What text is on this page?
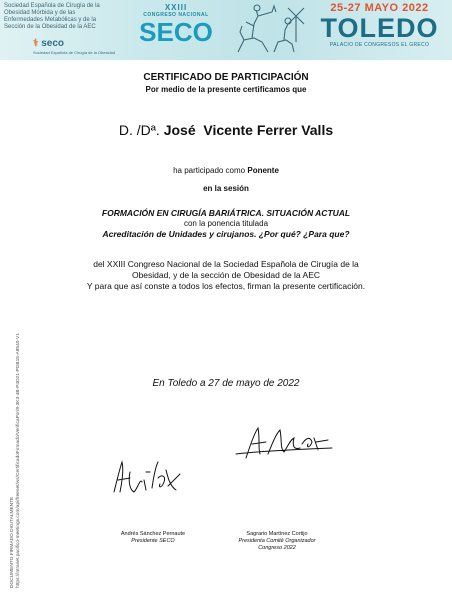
Sociedad Española de Cirugía de la Obesidad Mórbida y de las Enfermedades Metabólicas y de la Sección de la Obesidad de la AEC
⚕ seco
Sociedad Española de Cirugía de la Obesidad
XXIII
CONGRESO NACIONAL
SECO
25-27 MAYO 2022
TOLEDO
PALACIO DE CONGRESOS EL GRECO
CERTIFICADO DE PARTICIPACIÓN
Por medio de la presente certificamos que
D. /Dª. José  Vicente Ferrer Valls
ha participado como Ponente
en la sesión
FORMACIÓN EN CIRUGÍA BARIÁTRICA. SITUACIÓN ACTUAL
con la ponencia titulada
Acreditación de Unidades y cirujanos. ¿Por qué? ¿Para que?
del XXIII Congreso Nacional de la Sociedad Española de Cirugía de la
Obesidad, y de la sección de Obesidad de la AEC
Y para que así conste a todos los efectos, firman la presente certificación.
En Toledo a 27 de mayo de 2022
Andrés Sánchez Pernaute
Presidente SECO
Sagrario Martínez Cortijo
Presidenta Comité Organizador
Congreso 2022
DOCUMENTO FIRMADO DIGITALMENTE https://intranet.pacifico-meetings.com/api/freenet/ws/CertificadoFirmado/VerificaPor/8-3K3-4B-P4D21-PGB15-A8540-V1
